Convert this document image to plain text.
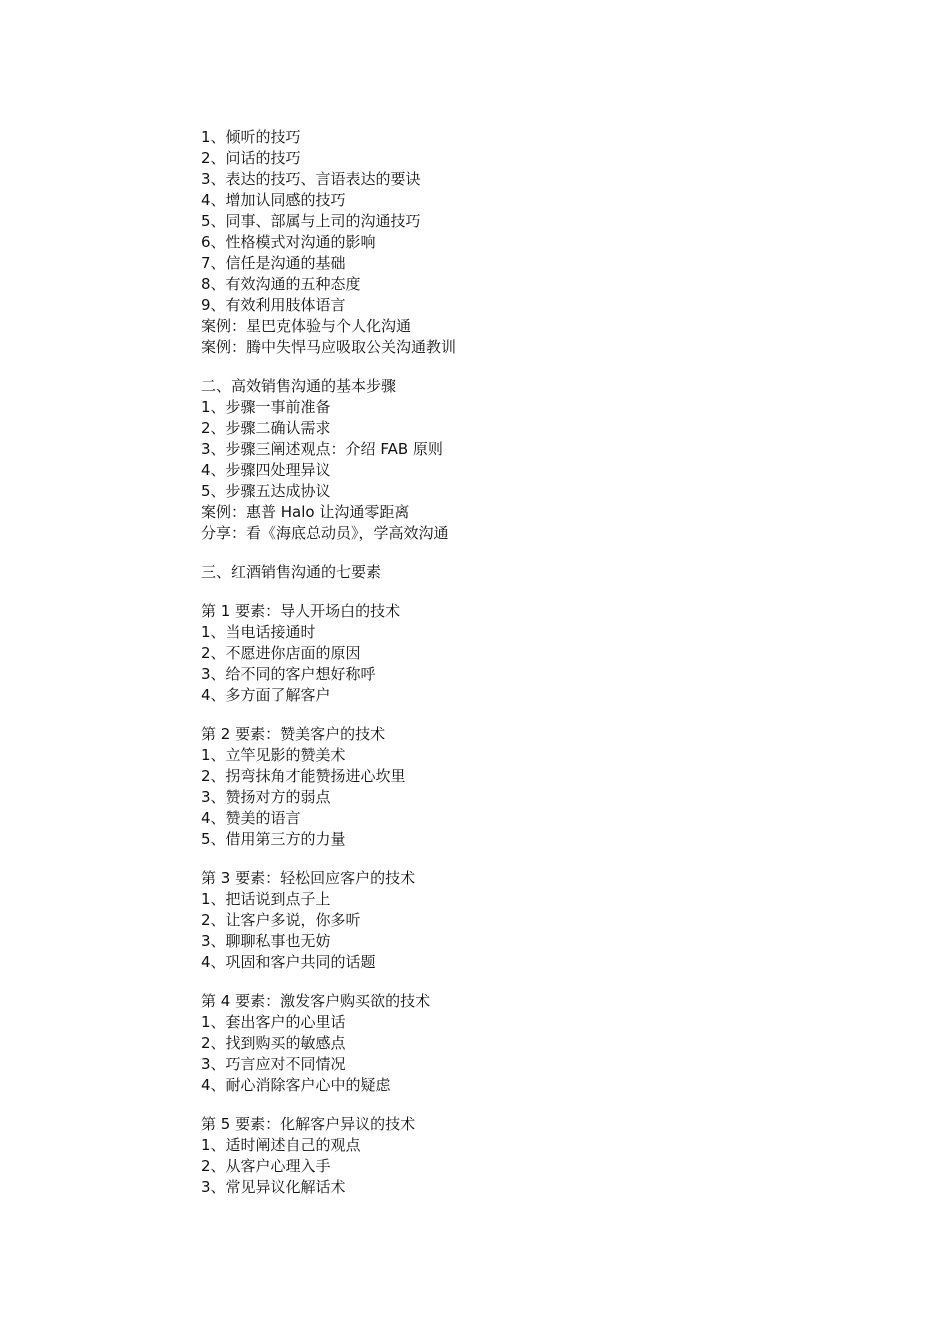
1、倾听的技巧
2、问话的技巧
3、表达的技巧、言语表达的要诀
4、增加认同感的技巧
5、同事、部属与上司的沟通技巧
6、性格模式对沟通的影响
7、信任是沟通的基础
8、有效沟通的五种态度
9、有效利用肢体语言
案例：星巴克体验与个人化沟通
案例：腾中失悍马应吸取公关沟通教训
二、高效销售沟通的基本步骤
1、步骤一事前准备
2、步骤二确认需求
3、步骤三阐述观点：介绍 FAB 原则
4、步骤四处理异议
5、步骤五达成协议
案例：惠普 Halo 让沟通零距离
分享：看《海底总动员》，学高效沟通
三、红酒销售沟通的七要素
第 1 要素：导人开场白的技术
1、当电话接通时
2、不愿进你店面的原因
3、给不同的客户想好称呼
4、多方面了解客户
第 2 要素：赞美客户的技术
1、立竿见影的赞美术
2、拐弯抹角才能赞扬进心坎里
3、赞扬对方的弱点
4、赞美的语言
5、借用第三方的力量
第 3 要素：轻松回应客户的技术
1、把话说到点子上
2、让客户多说，你多听
3、聊聊私事也无妨
4、巩固和客户共同的话题
第 4 要素：激发客户购买欲的技术
1、套出客户的心里话
2、找到购买的敏感点
3、巧言应对不同情况
4、耐心消除客户心中的疑虑
第 5 要素：化解客户异议的技术
1、适时阐述自己的观点
2、从客户心理入手
3、常见异议化解话术
